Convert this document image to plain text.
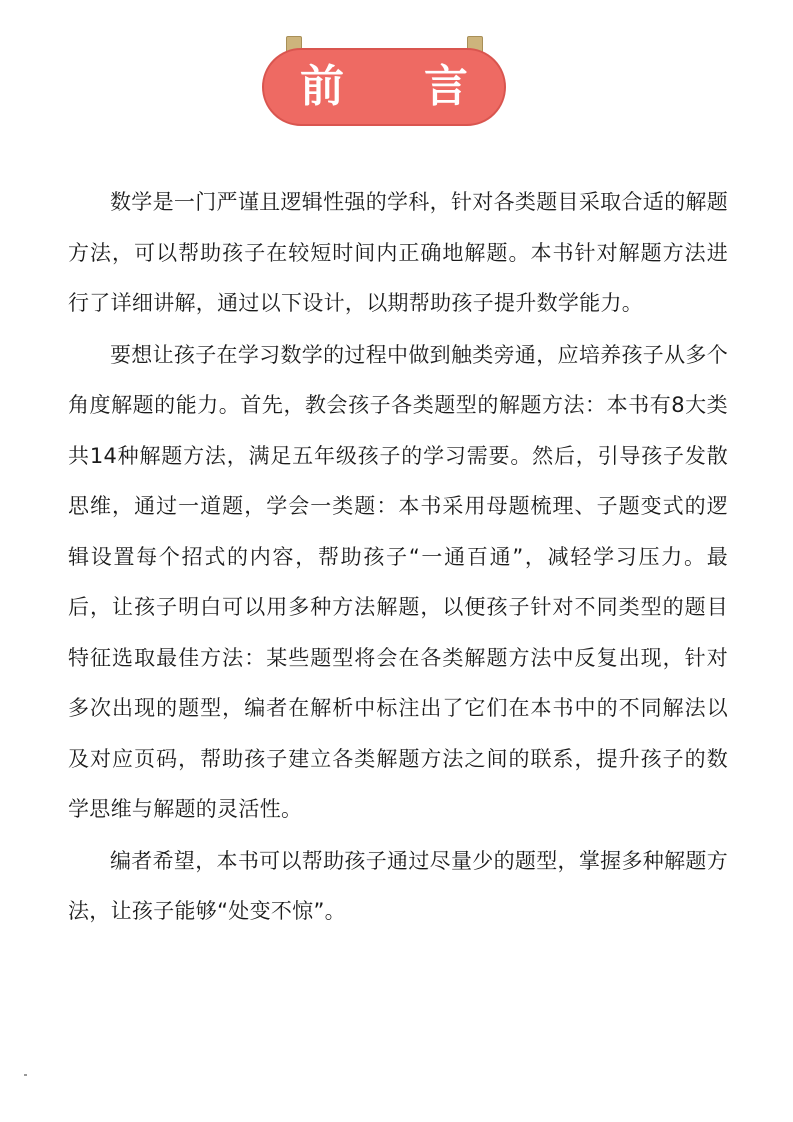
前言

数学是一门严谨且逻辑性强的学科，针对各类题目采取合适的解题方法，可以帮助孩子在较短时间内正确地解题。本书针对解题方法进行了详细讲解，通过以下设计，以期帮助孩子提升数学能力。

要想让孩子在学习数学的过程中做到触类旁通，应培养孩子从多个角度解题的能力。首先，教会孩子各类题型的解题方法：本书有8大类共14种解题方法，满足五年级孩子的学习需要。然后，引导孩子发散思维，通过一道题，学会一类题：本书采用母题梳理、子题变式的逻辑设置每个招式的内容，帮助孩子“一通百通”，减轻学习压力。最后，让孩子明白可以用多种方法解题，以便孩子针对不同类型的题目特征选取最佳方法：某些题型将会在各类解题方法中反复出现，针对多次出现的题型，编者在解析中标注出了它们在本书中的不同解法以及对应页码，帮助孩子建立各类解题方法之间的联系，提升孩子的数学思维与解题的灵活性。

编者希望，本书可以帮助孩子通过尽量少的题型，掌握多种解题方法，让孩子能够“处变不惊”。
